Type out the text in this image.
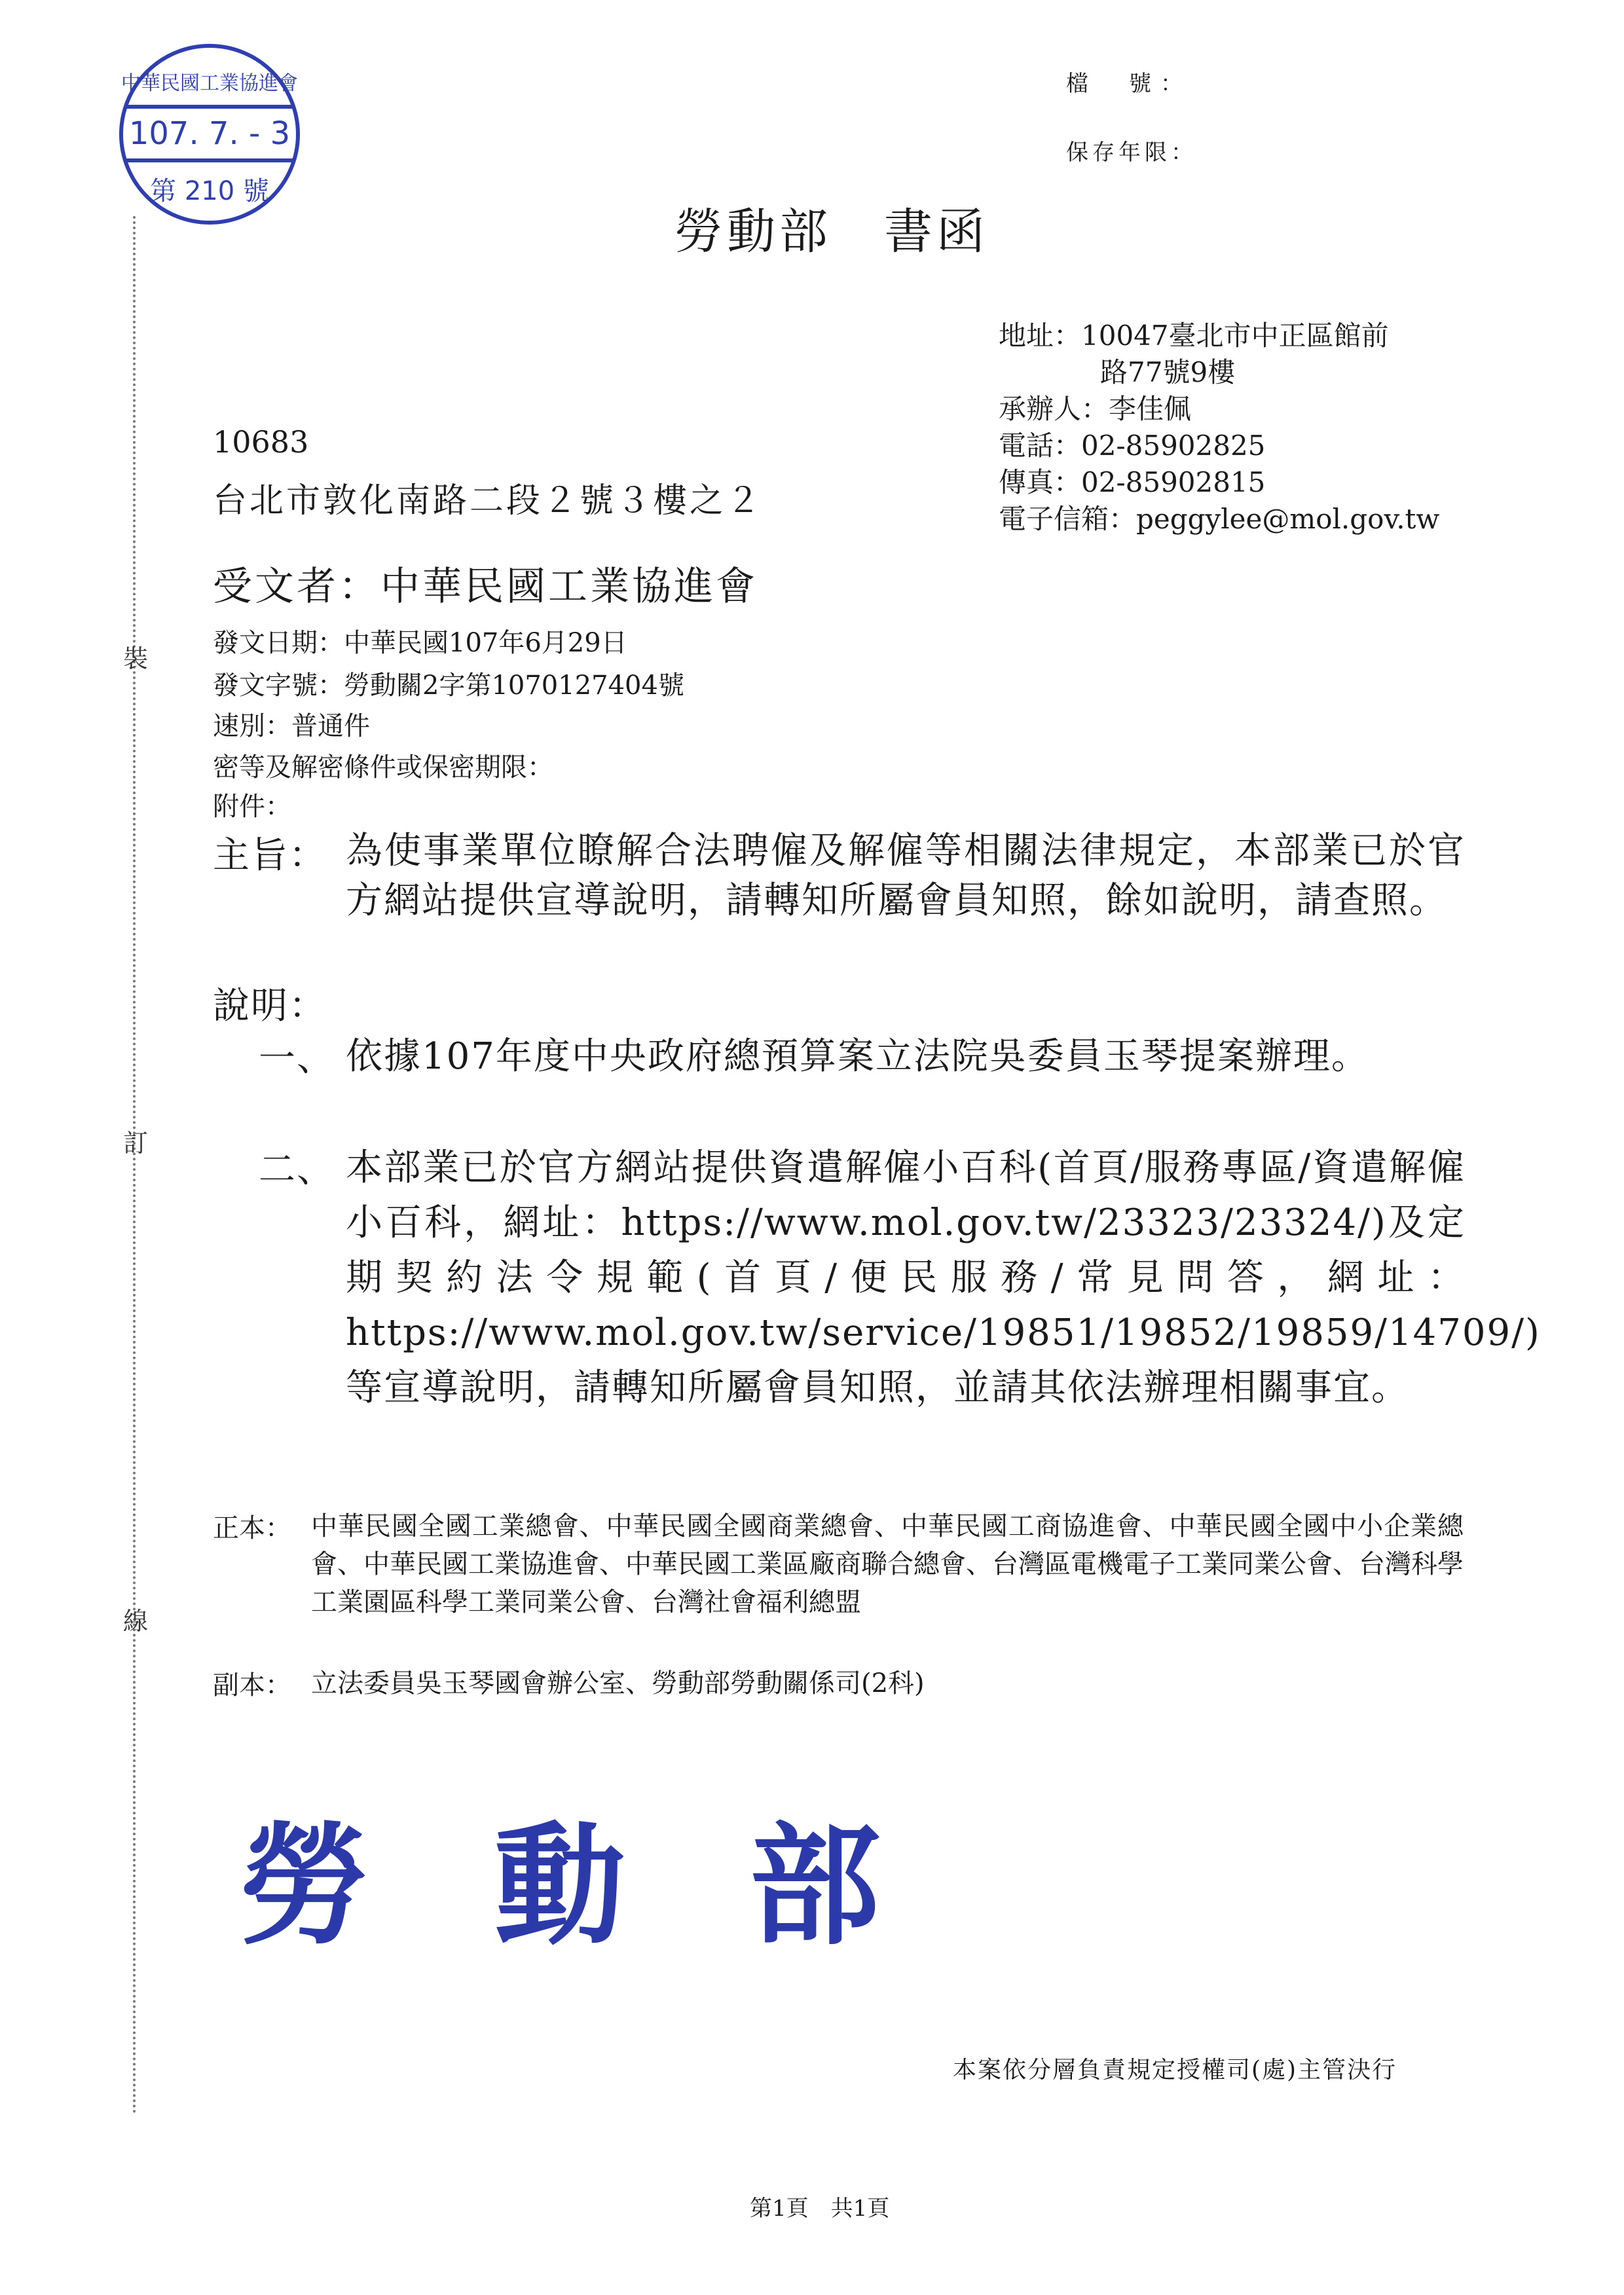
中華民國工業協進會
107. 7. - 3
第 210 號
裝
訂
線
檔　號：
保存年限：
勞動部　 書函
地址：10047臺北市中正區館前
路77號9樓
承辦人：李佳佩
電話：02-85902825
傳真：02-85902815
電子信箱：peggylee@mol.gov.tw
10683
台北市敦化南路二段２號３樓之２
受文者：中華民國工業協進會
發文日期：中華民國107年6月29日
發文字號：勞動關2字第1070127404號
速別：普通件
密等及解密條件或保密期限：
附件：
主旨： 為使事業單位瞭解合法聘僱及解僱等相關法律規定，本部業已於官方網站提供宣導說明，請轉知所屬會員知照，餘如說明，請查照。
說明：
一、 依據107年度中央政府總預算案立法院吳委員玉琴提案辦理。
二、 本部業已於官方網站提供資遣解僱小百科(首頁/服務專區/資遣解僱小百科，網址：https://www.mol.gov.tw/23323/23324/)及定期契約法令規範(首頁/便民服務/常見問答，網址：https://www.mol.gov.tw/service/19851/19852/19859/14709/)等宣導說明，請轉知所屬會員知照，並請其依法辦理相關事宜。
正本： 中華民國全國工業總會、中華民國全國商業總會、中華民國工商協進會、中華民國全國中小企業總會、中華民國工業協進會、中華民國工業區廠商聯合總會、台灣區電機電子工業同業公會、台灣科學工業園區科學工業同業公會、台灣社會福利總盟
副本： 立法委員吳玉琴國會辦公室、勞動部勞動關係司(2科)
勞 動 部
本案依分層負責規定授權司(處)主管決行
第1頁　共1頁
